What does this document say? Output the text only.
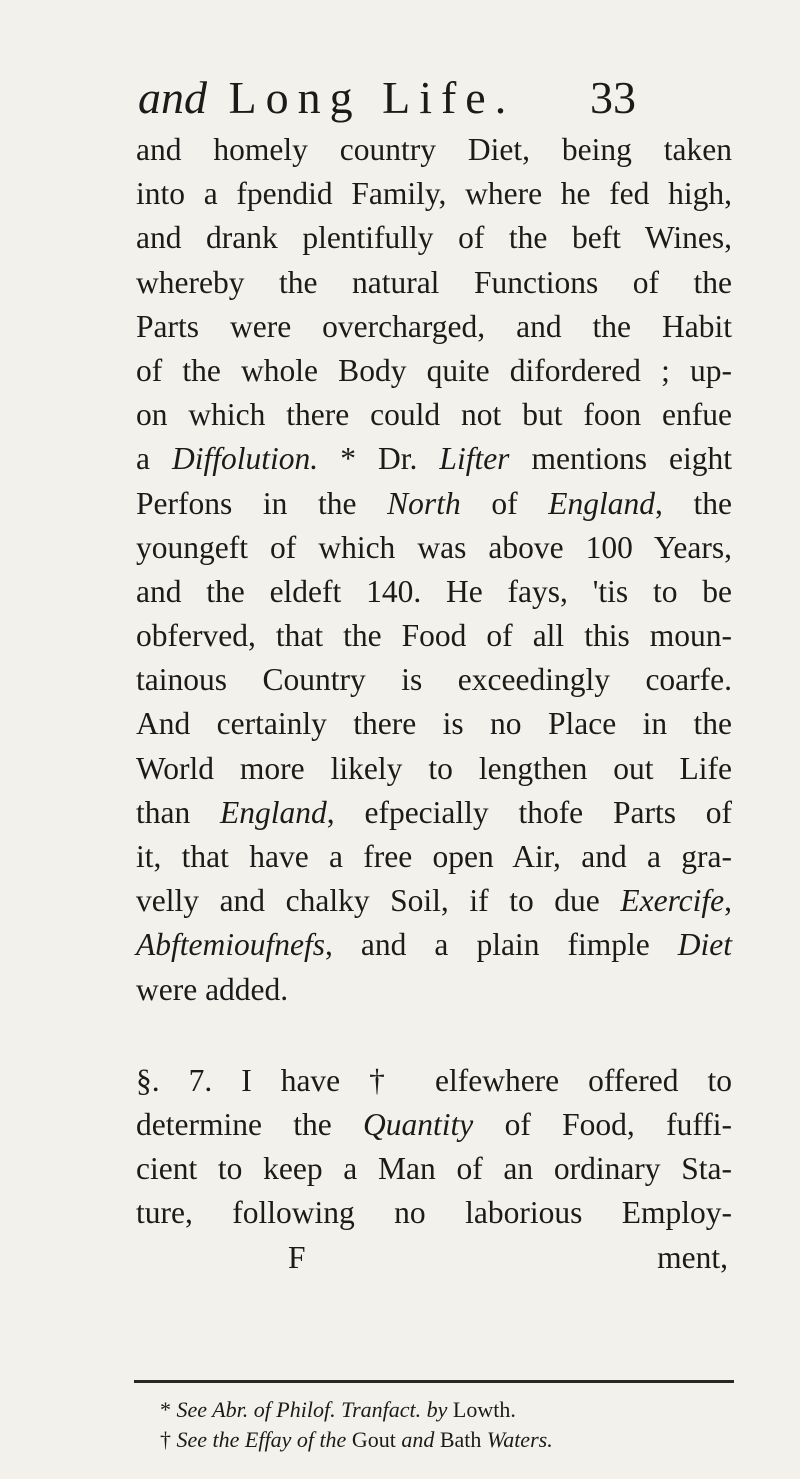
and Long Life. 33
and homely country Diet, being taken
into a fpendid Family, where he fed high,
and drank plentifully of the beft Wines,
whereby the natural Functions of the
Parts were overcharged, and the Habit
of the whole Body quite difordered ; up-
on which there could not but foon enfue
a Diffolution. * Dr. Lifter mentions eight
Perfons in the North of England, the
youngeft of which was above 100 Years,
and the eldeft 140. He fays, 'tis to be
obferved, that the Food of all this moun-
tainous Country is exceedingly coarfe.
And certainly there is no Place in the
World more likely to lengthen out Life
than England, efpecially thofe Parts of
it, that have a free open Air, and a gra-
velly and chalky Soil, if to due Exercife,
Abftemioufnefs, and a plain fimple Diet
were added.
§. 7. I have † elfewhere offered to
determine the Quantity of Food, fuffi-
cient to keep a Man of an ordinary Sta-
ture, following no laborious Employ-
F	ment,
* See Abr. of Philof. Tranfact. by Lowth.
† See the Effay of the Gout and Bath Waters.
